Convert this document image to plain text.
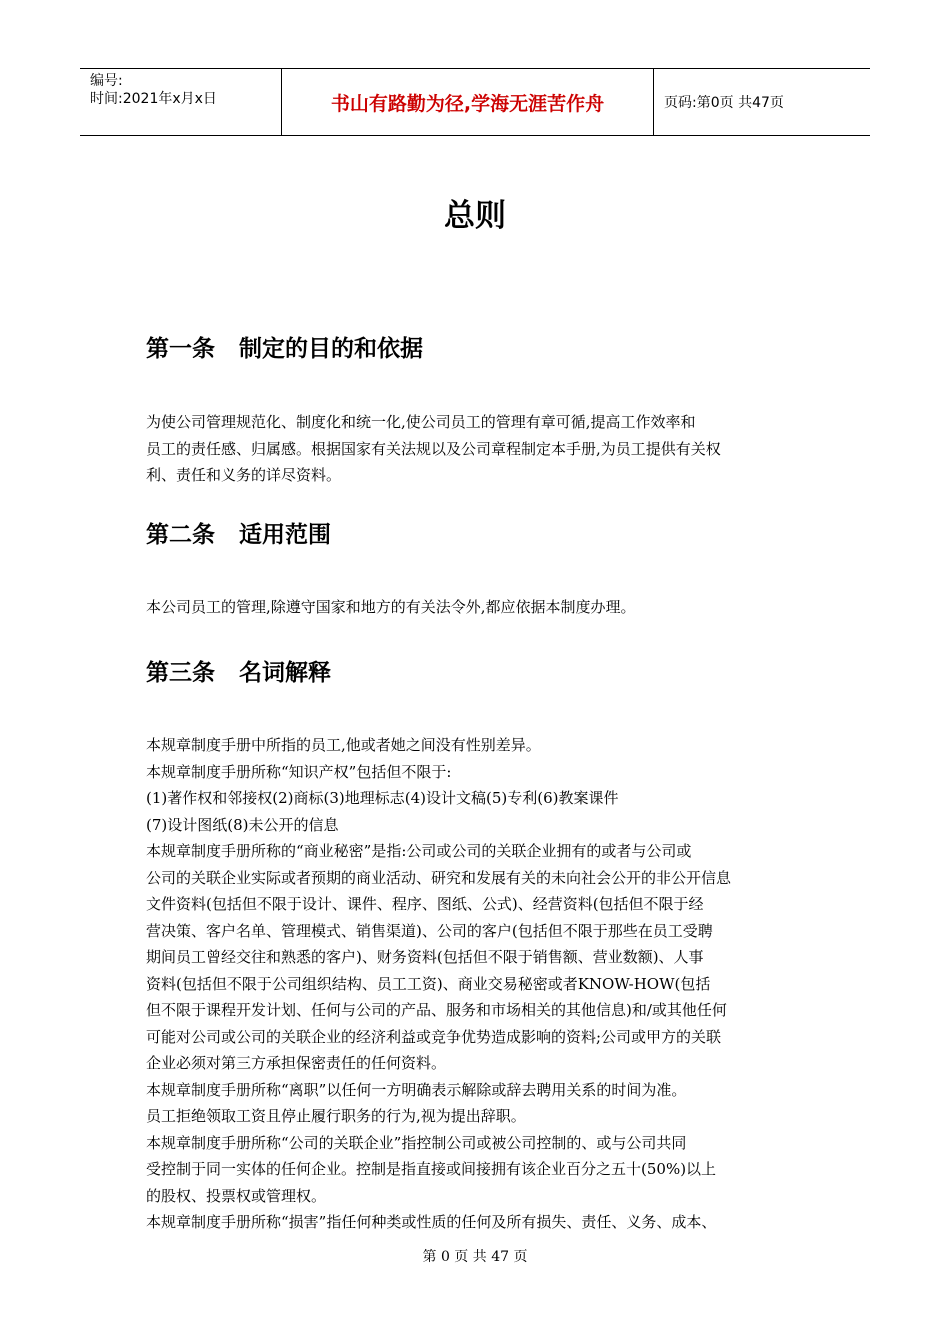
编号:
时间:2021年x月x日	书山有路勤为径,学海无涯苦作舟	页码:第0页 共47页
总则
第一条   制定的目的和依据

为使公司管理规范化、制度化和统一化,使公司员工的管理有章可循,提高工作效率和

员工的责任感、归属感。根据国家有关法规以及公司章程制定本手册,为员工提供有关权

利、责任和义务的详尽资料。

第二条   适用范围

本公司员工的管理,除遵守国家和地方的有关法令外,都应依据本制度办理。

第三条   名词解释

本规章制度手册中所指的员工,他或者她之间没有性别差异。

本规章制度手册所称“知识产权”包括但不限于:

(1)著作权和邻接权(2)商标(3)地理标志(4)设计文稿(5)专利(6)教案课件

(7)设计图纸(8)未公开的信息

本规章制度手册所称的“商业秘密”是指:公司或公司的关联企业拥有的或者与公司或

公司的关联企业实际或者预期的商业活动、研究和发展有关的未向社会公开的非公开信息

文件资料(包括但不限于设计、课件、程序、图纸、公式)、经营资料(包括但不限于经

营决策、客户名单、管理模式、销售渠道)、公司的客户(包括但不限于那些在员工受聘

期间员工曾经交往和熟悉的客户)、财务资料(包括但不限于销售额、营业数额)、人事

资料(包括但不限于公司组织结构、员工工资)、商业交易秘密或者KNOW-HOW(包括

但不限于课程开发计划、任何与公司的产品、服务和市场相关的其他信息)和/或其他任何

可能对公司或公司的关联企业的经济利益或竞争优势造成影响的资料;公司或甲方的关联

企业必须对第三方承担保密责任的任何资料。

本规章制度手册所称“离职”以任何一方明确表示解除或辞去聘用关系的时间为准。

员工拒绝领取工资且停止履行职务的行为,视为提出辞职。

本规章制度手册所称“公司的关联企业”指控制公司或被公司控制的、或与公司共同

受控制于同一实体的任何企业。控制是指直接或间接拥有该企业百分之五十(50%)以上

的股权、投票权或管理权。

本规章制度手册所称“损害”指任何种类或性质的任何及所有损失、责任、义务、成本、

第 0 页 共 47 页
